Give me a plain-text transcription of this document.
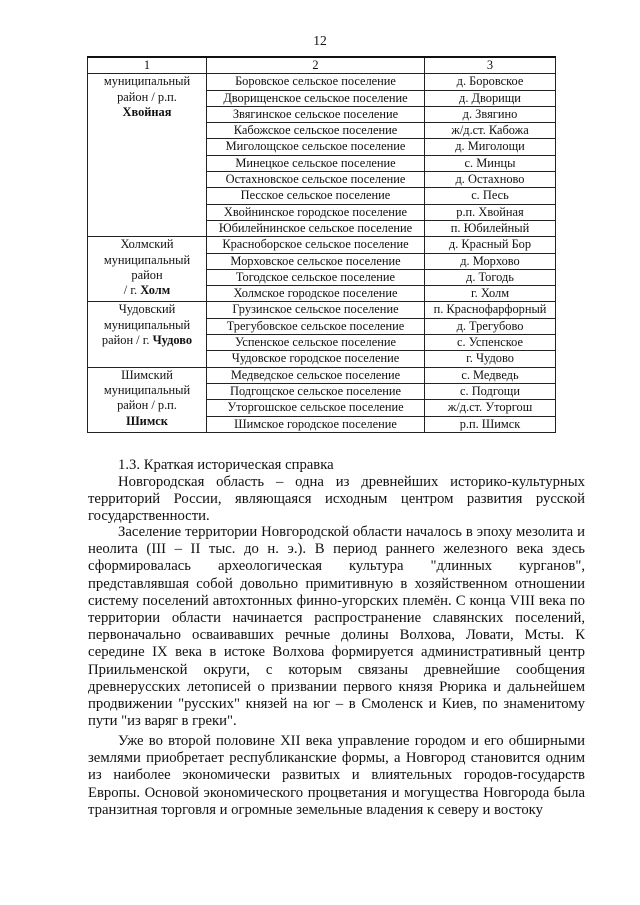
12
1	2	3
муниципальный
район / р.п.
Хвойная	Боровское сельское поселение	д. Боровское
	Дворищенское сельское поселение	д. Дворищи
	Звягинское сельское поселение	д. Звягино
	Кабожское сельское поселение	ж/д.ст. Кабожа
	Миголощское сельское поселение	д. Миголощи
	Минецкое сельское поселение	с. Минцы
	Остахновское сельское поселение	д. Остахново
	Песское сельское поселение	с. Песь
	Хвойнинское городское поселение	р.п. Хвойная
	Юбилейнинское сельское поселение	п. Юбилейный
Холмский
муниципальный
район
/ г. Холм	Красноборское сельское поселение	д. Красный Бор
	Морховское сельское поселение	д. Морхово
	Тогодское сельское поселение	д. Тогодь
	Холмское городское поселение	г. Холм
Чудовский
муниципальный
район / г. Чудово	Грузинское сельское поселение	п. Краснофарфорный
	Трегубовское сельское поселение	д. Трегубово
	Успенское сельское поселение	с. Успенское
	Чудовское городское поселение	г. Чудово
Шимский
муниципальный
район / р.п.
Шимск	Медведское сельское поселение	с. Медведь
	Подгощское сельское поселение	с. Подгощи
	Уторгошское сельское поселение	ж/д.ст. Уторгош
	Шимское городское поселение	р.п. Шимск

1.3. Краткая историческая справка

Новгородская область – одна из древнейших историко-культурных территорий России, являющаяся исходным центром развития русской государственности.

Заселение территории Новгородской области началось в эпоху мезолита и неолита (III – II тыс. до н. э.). В период раннего железного века здесь сформировалась археологическая культура "длинных курганов", представлявшая собой довольно примитивную в хозяйственном отношении систему поселений автохтонных финно-угорских племён. С конца VIII века по территории области начинается распространение славянских поселений, первоначально осваивавших речные долины Волхова, Ловати, Мсты. К середине IX века в истоке Волхова формируется административный центр Приильменской округи, с которым связаны древнейшие сообщения древнерусских летописей о призвании первого князя Рюрика и дальнейшем продвижении "русских" князей на юг – в Смоленск и Киев, по знаменитому пути "из варяг в греки".

Уже во второй половине XII века управление городом и его обширными землями приобретает республиканские формы, а Новгород становится одним из наиболее экономически развитых и влиятельных городов-государств Европы. Основой экономического процветания и могущества Новгорода была транзитная торговля и огромные земельные владения к северу и востоку
